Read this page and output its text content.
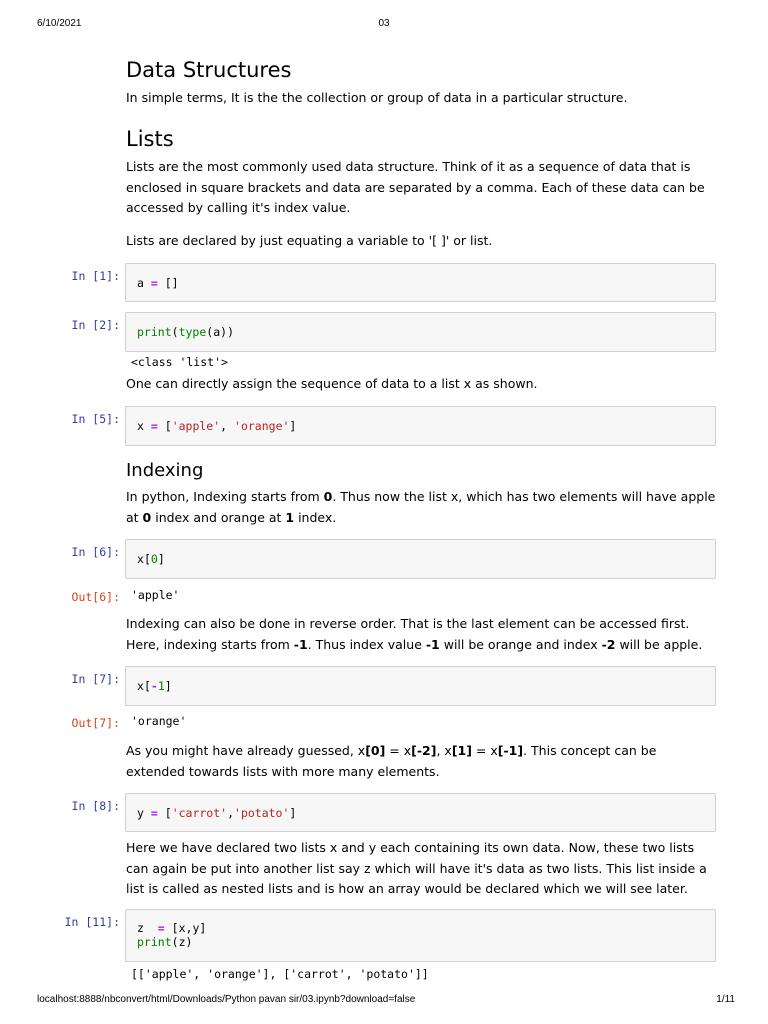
6/10/2021	03
Data Structures
In simple terms, It is the the collection or group of data in a particular structure.
Lists
Lists are the most commonly used data structure. Think of it as a sequence of data that is enclosed in square brackets and data are separated by a comma. Each of these data can be accessed by calling it's index value.
Lists are declared by just equating a variable to '[ ]' or list.
In [1]: a = []
In [2]: print(type(a))
<class 'list'>
One can directly assign the sequence of data to a list x as shown.
In [5]: x = ['apple', 'orange']
Indexing
In python, Indexing starts from 0. Thus now the list x, which has two elements will have apple at 0 index and orange at 1 index.
In [6]: x[0]
Out[6]: 'apple'
Indexing can also be done in reverse order. That is the last element can be accessed first. Here, indexing starts from -1. Thus index value -1 will be orange and index -2 will be apple.
In [7]: x[-1]
Out[7]: 'orange'
As you might have already guessed, x[0] = x[-2], x[1] = x[-1]. This concept can be extended towards lists with more many elements.
In [8]: y = ['carrot','potato']
Here we have declared two lists x and y each containing its own data. Now, these two lists can again be put into another list say z which will have it's data as two lists. This list inside a list is called as nested lists and is how an array would be declared which we will see later.
In [11]: z = [x,y]
print(z)
[['apple', 'orange'], ['carrot', 'potato']]
localhost:8888/nbconvert/html/Downloads/Python pavan sir/03.ipynb?download=false	1/11
